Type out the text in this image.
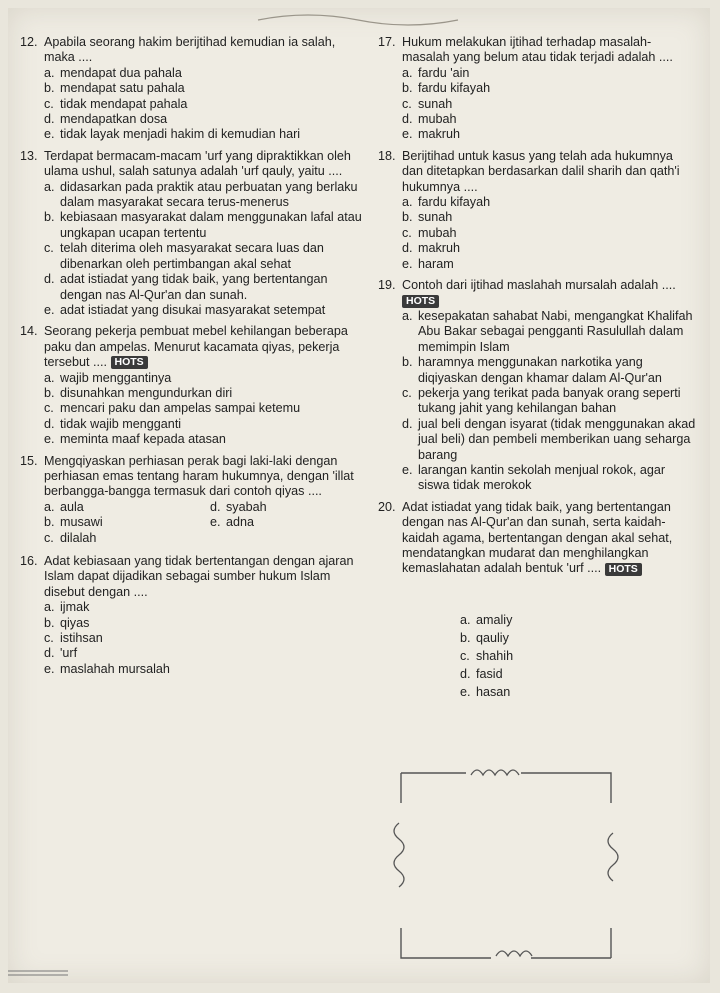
12. Apabila seorang hakim berijtihad kemudian ia salah, maka ....
a. mendapat dua pahala
b. mendapat satu pahala
c. tidak mendapat pahala
d. mendapatkan dosa
e. tidak layak menjadi hakim di kemudian hari
13. Terdapat bermacam-macam 'urf yang dipraktikkan oleh ulama ushul, salah satunya adalah 'urf qauly, yaitu ....
a. didasarkan pada praktik atau perbuatan yang berlaku dalam masyarakat secara terus-menerus
b. kebiasaan masyarakat dalam menggunakan lafal atau ungkapan ucapan tertentu
c. telah diterima oleh masyarakat secara luas dan dibenarkan oleh pertimbangan akal sehat
d. adat istiadat yang tidak baik, yang bertentangan dengan nas Al-Qur'an dan sunah.
e. adat istiadat yang disukai masyarakat setempat
14. Seorang pekerja pembuat mebel kehilangan beberapa paku dan ampelas. Menurut kacamata qiyas, pekerja tersebut .... HOTS
a. wajib menggantinya
b. disunahkan mengundurkan diri
c. mencari paku dan ampelas sampai ketemu
d. tidak wajib mengganti
e. meminta maaf kepada atasan
15. Mengqiyaskan perhiasan perak bagi laki-laki dengan perhiasan emas tentang haram hukumnya, dengan 'illat berbangga-bangga termasuk dari contoh qiyas ....
a. aula	d. syabah
b. musawi	e. adna
c. dilalah
16. Adat kebiasaan yang tidak bertentangan dengan ajaran Islam dapat dijadikan sebagai sumber hukum Islam disebut dengan ....
a. ijmak
b. qiyas
c. istihsan
d. 'urf
e. maslahah mursalah
17. Hukum melakukan ijtihad terhadap masalah-masalah yang belum atau tidak terjadi adalah ....
a. fardu 'ain
b. fardu kifayah
c. sunah
d. mubah
e. makruh
18. Berijtihad untuk kasus yang telah ada hukumnya dan ditetapkan berdasarkan dalil sharih dan qath'i hukumnya ....
a. fardu kifayah
b. sunah
c. mubah
d. makruh
e. haram
19. Contoh dari ijtihad maslahah mursalah adalah .... HOTS
a. kesepakatan sahabat Nabi, mengangkat Khalifah Abu Bakar sebagai pengganti Rasulullah dalam memimpin Islam
b. haramnya menggunakan narkotika yang diqiyaskan dengan khamar dalam Al-Qur'an
c. pekerja yang terikat pada banyak orang seperti tukang jahit yang kehilangan bahan
d. jual beli dengan isyarat (tidak menggunakan akad jual beli) dan pembeli memberikan uang seharga barang
e. larangan kantin sekolah menjual rokok, agar siswa tidak merokok
20. Adat istiadat yang tidak baik, yang bertentangan dengan nas Al-Qur'an dan sunah, serta kaidah-kaidah agama, bertentangan dengan akal sehat, mendatangkan mudarat dan menghilangkan kemaslahatan adalah bentuk 'urf .... HOTS
a. amaliy
b. qauliy
c. shahih
d. fasid
e. hasan
